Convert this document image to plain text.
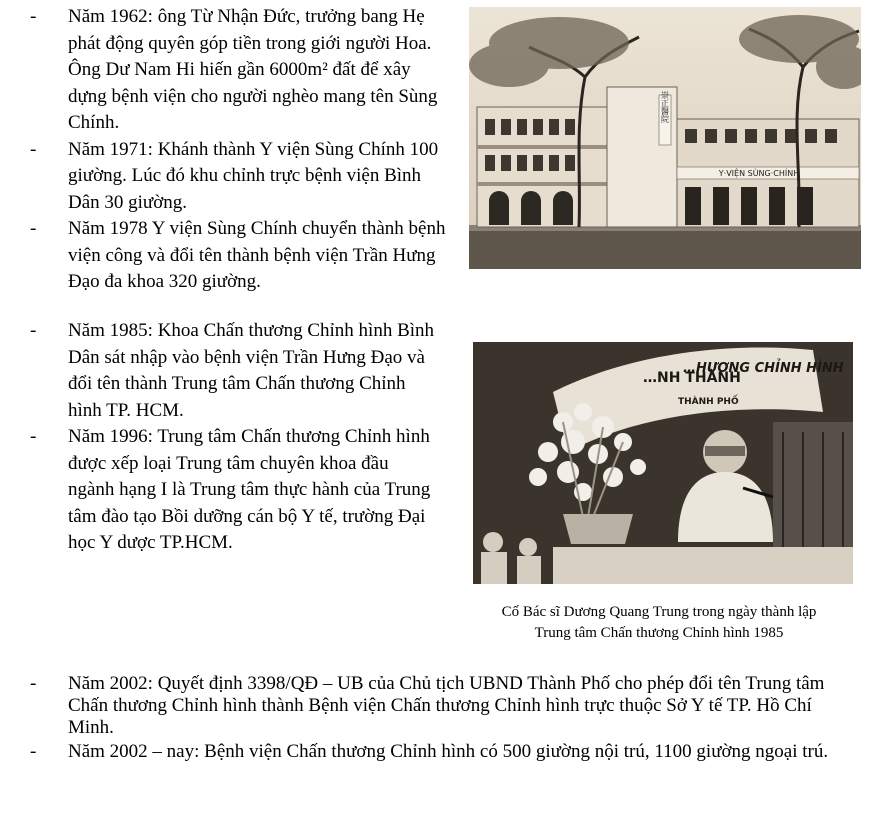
- Năm 1962: ông Từ Nhận Đức, trưởng bang Hẹ phát động quyên góp tiền trong giới người Hoa. Ông Dư Nam Hi hiến gần 6000m² đất để xây dựng bệnh viện cho người nghèo mang tên Sùng Chính.
- Năm 1971: Khánh thành Y viện Sùng Chính 100 giường. Lúc đó khu chỉnh trực bệnh viện Bình Dân 30 giường.
- Năm 1978 Y viện Sùng Chính chuyển thành bệnh viện công và đổi tên thành bệnh viện Trần Hưng Đạo đa khoa 320 giường.
崇正醫院
Y·VIỆN SÙNG·CHÍNH
- Năm 1985: Khoa Chấn thương Chỉnh hình Bình Dân sát nhập vào bệnh viện Trần Hưng Đạo và đổi tên thành Trung tâm Chấn thương Chỉnh hình TP. HCM.
- Năm 1996: Trung tâm Chấn thương Chỉnh hình được xếp loại Trung tâm chuyên khoa đầu ngành hạng I là Trung tâm thực hành của Trung tâm đào tạo Bồi dưỡng cán bộ Y tế, trường Đại học Y dược TP.HCM.
…NH THÀNH
…HƯƠNG CHỈNH HÌNH
THÀNH PHỐ
Cố Bác sĩ Dương Quang Trung trong ngày thành lập
Trung tâm Chấn thương Chỉnh hình 1985
- Năm 2002: Quyết định 3398/QĐ – UB của Chủ tịch UBND Thành Phố cho phép đổi tên Trung tâm Chấn thương Chỉnh hình thành Bệnh viện Chấn thương Chỉnh hình trực thuộc Sở Y tế TP. Hồ Chí Minh.
- Năm 2002 – nay: Bệnh viện Chấn thương Chỉnh hình có 500 giường nội trú, 1100 giường ngoại trú.
